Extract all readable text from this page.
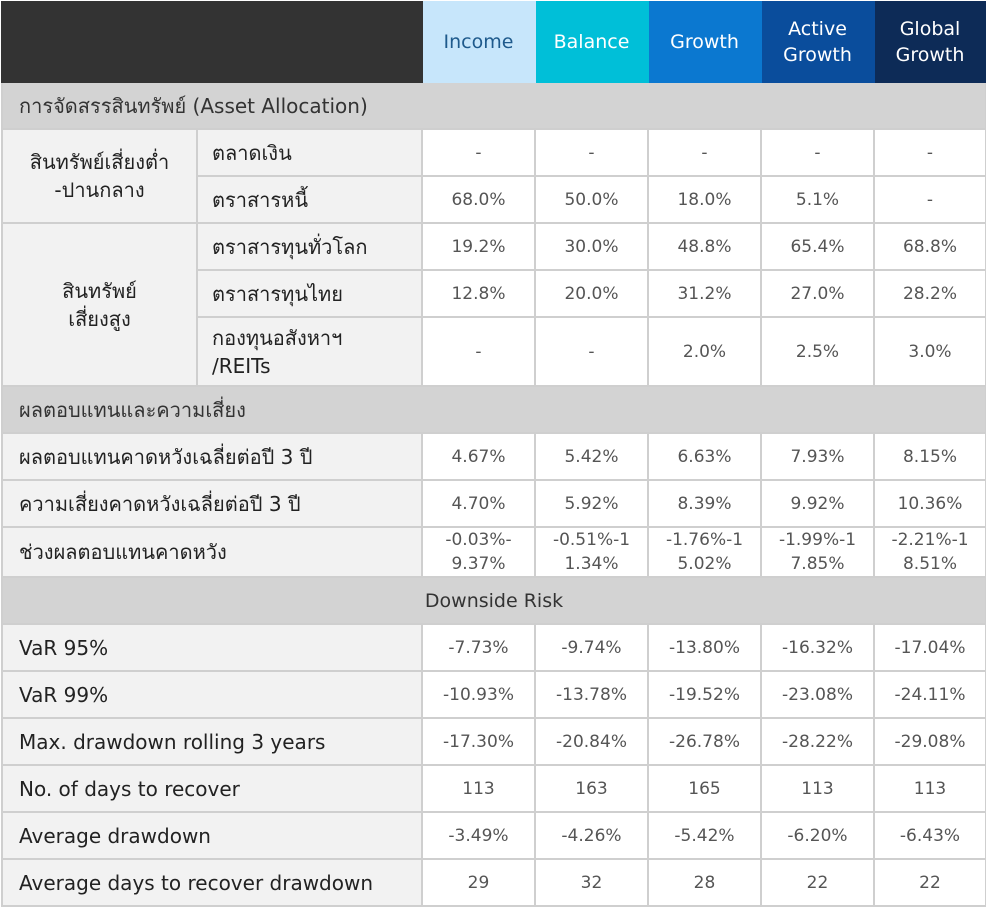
		Income	Balance	Growth	Active Growth	Global Growth
การจัดสรรสินทรัพย์ (Asset Allocation)						
สินทรัพย์เสี่ยงต่ำ -ปานกลาง	ตลาดเงิน	-	-	-	-	-
	ตราสารหนี้	68.0%	50.0%	18.0%	5.1%	-
สินทรัพย์เสี่ยงสูง	ตราสารทุนทั่วโลก	19.2%	30.0%	48.8%	65.4%	68.8%
	ตราสารทุนไทย	12.8%	20.0%	31.2%	27.0%	28.2%
	กองทุนอสังหาฯ /REITs	-	-	2.0%	2.5%	3.0%
ผลตอบแทนและความเสี่ยง						
ผลตอบแทนคาดหวังเฉลี่ยต่อปี 3 ปี		4.67%	5.42%	6.63%	7.93%	8.15%
ความเสี่ยงคาดหวังเฉลี่ยต่อปี 3 ปี		4.70%	5.92%	8.39%	9.92%	10.36%
ช่วงผลตอบแทนคาดหวัง		-0.03%-9.37%	-0.51%-11.34%	-1.76%-15.02%	-1.99%-17.85%	-2.21%-18.51%
Downside Risk						
VaR 95%		-7.73%	-9.74%	-13.80%	-16.32%	-17.04%
VaR 99%		-10.93%	-13.78%	-19.52%	-23.08%	-24.11%
Max. drawdown rolling 3 years		-17.30%	-20.84%	-26.78%	-28.22%	-29.08%
No. of days to recover		113	163	165	113	113
Average drawdown		-3.49%	-4.26%	-5.42%	-6.20%	-6.43%
Average days to recover drawdown		29	32	28	22	22
